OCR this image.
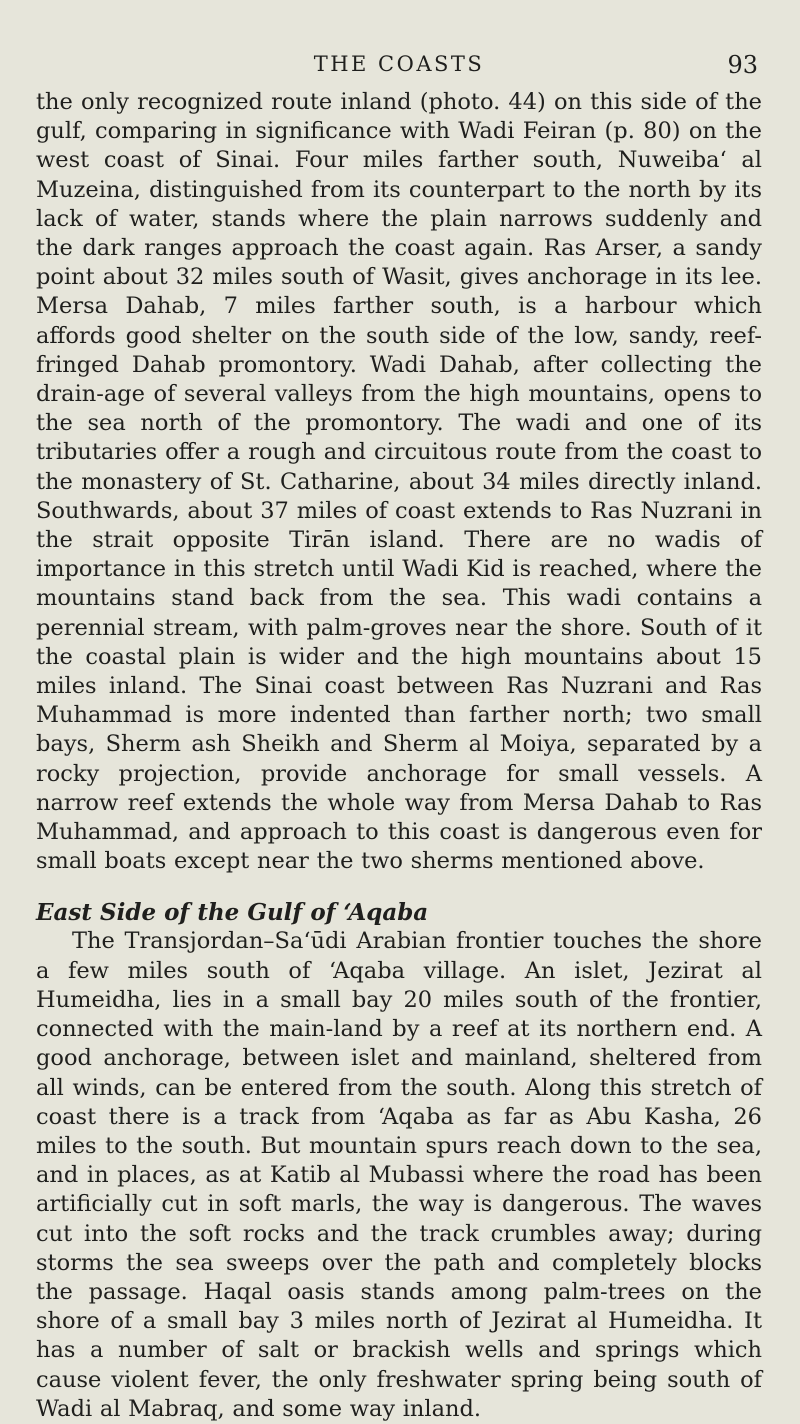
THE COASTS	93

the only recognized route inland (photo. 44) on this side of the gulf, comparing in significance with Wadi Feiran (p. 80) on the west coast of Sinai. Four miles farther south, Nuweiba‘ al Muzeina, distinguished from its counterpart to the north by its lack of water, stands where the plain narrows suddenly and the dark ranges approach the coast again. Ras Arser, a sandy point about 32 miles south of Wasit, gives anchorage in its lee. Mersa Dahab, 7 miles farther south, is a harbour which affords good shelter on the south side of the low, sandy, reef-fringed Dahab promontory. Wadi Dahab, after collecting the drain-age of several valleys from the high mountains, opens to the sea north of the promontory. The wadi and one of its tributaries offer a rough and circuitous route from the coast to the monastery of St. Catharine, about 34 miles directly inland. Southwards, about 37 miles of coast extends to Ras Nuzrani in the strait opposite Tirān island. There are no wadis of importance in this stretch until Wadi Kid is reached, where the mountains stand back from the sea. This wadi contains a perennial stream, with palm-groves near the shore. South of it the coastal plain is wider and the high mountains about 15 miles inland. The Sinai coast between Ras Nuzrani and Ras Muhammad is more indented than farther north; two small bays, Sherm ash Sheikh and Sherm al Moiya, separated by a rocky projection, provide anchorage for small vessels. A narrow reef extends the whole way from Mersa Dahab to Ras Muhammad, and approach to this coast is dangerous even for small boats except near the two sherms mentioned above.

East Side of the Gulf of ‘Aqaba

The Transjordan–Sa‘ūdi Arabian frontier touches the shore a few miles south of ‘Aqaba village. An islet, Jezirat al Humeidha, lies in a small bay 20 miles south of the frontier, connected with the main-land by a reef at its northern end. A good anchorage, between islet and mainland, sheltered from all winds, can be entered from the south. Along this stretch of coast there is a track from ‘Aqaba as far as Abu Kasha, 26 miles to the south. But mountain spurs reach down to the sea, and in places, as at Katib al Mubassi where the road has been artificially cut in soft marls, the way is dangerous. The waves cut into the soft rocks and the track crumbles away; during storms the sea sweeps over the path and completely blocks the passage. Haqal oasis stands among palm-trees on the shore of a small bay 3 miles north of Jezirat al Humeidha. It has a number of salt or brackish wells and springs which cause violent fever, the only freshwater spring being south of Wadi al Mabraq, and some way inland.
